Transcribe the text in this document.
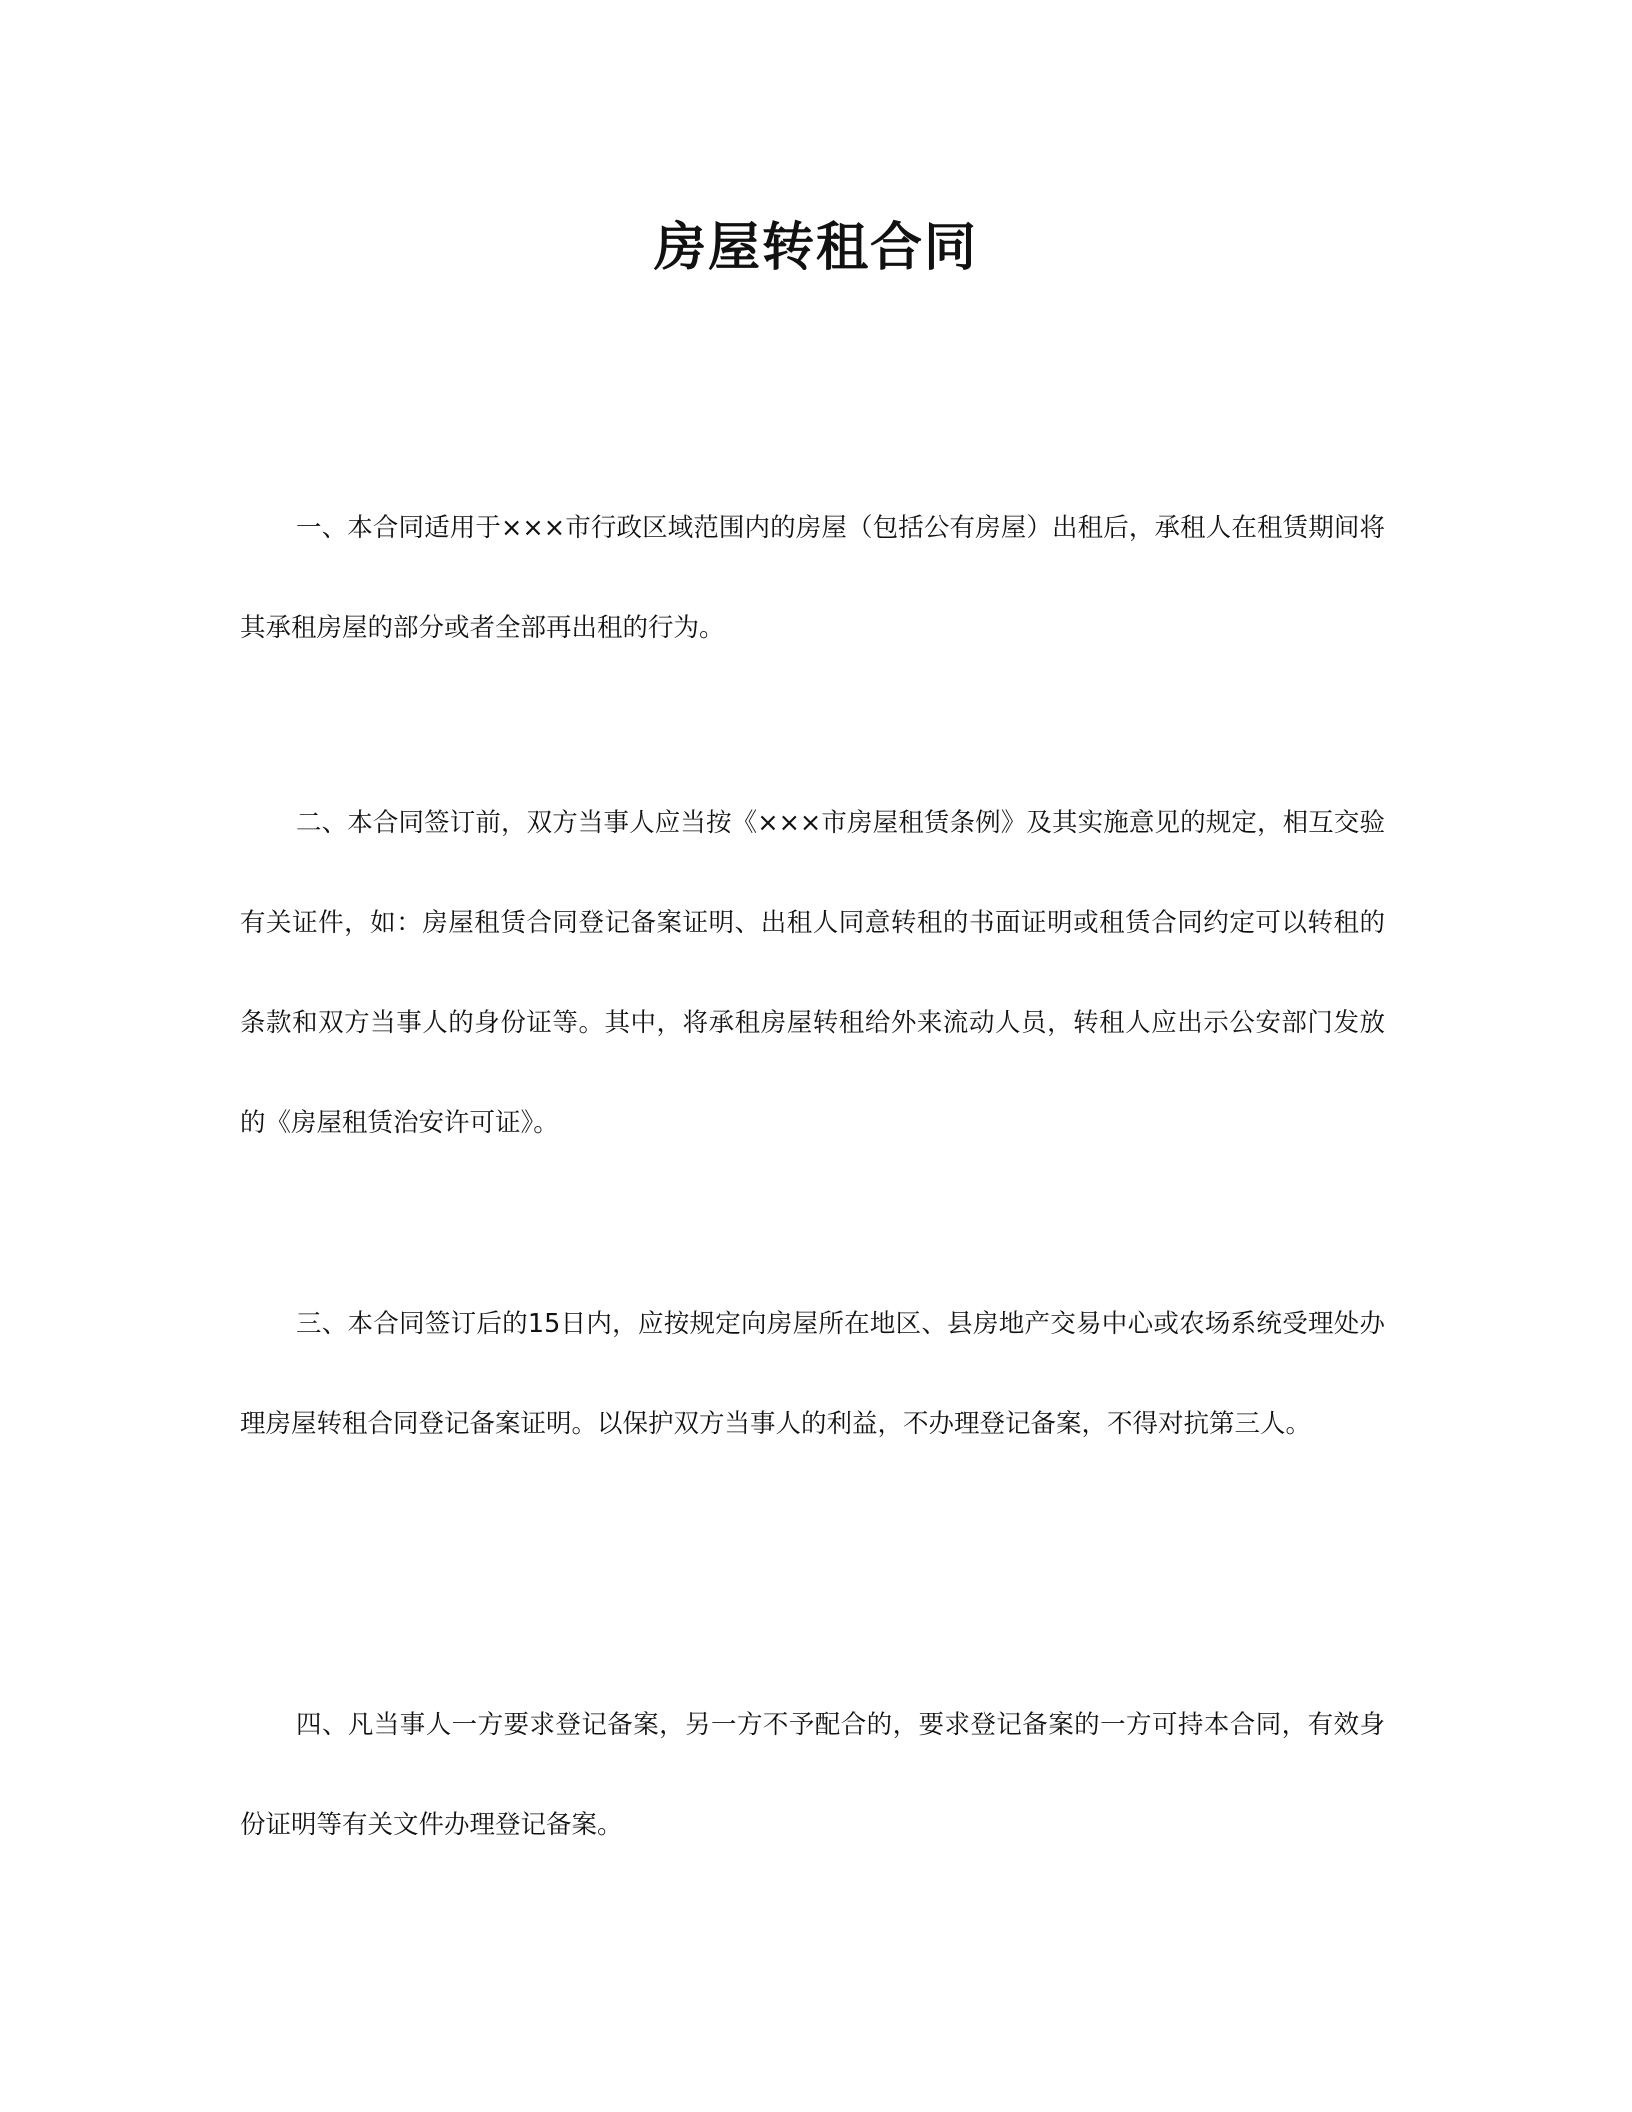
房屋转租合同

一、本合同适用于×××市行政区域范围内的房屋（包括公有房屋）出租后，承租人在租赁期间将其承租房屋的部分或者全部再出租的行为。

二、本合同签订前，双方当事人应当按《×××市房屋租赁条例》及其实施意见的规定，相互交验有关证件，如：房屋租赁合同登记备案证明、出租人同意转租的书面证明或租赁合同约定可以转租的条款和双方当事人的身份证等。其中，将承租房屋转租给外来流动人员，转租人应出示公安部门发放的《房屋租赁治安许可证》。

三、本合同签订后的15日内，应按规定向房屋所在地区、县房地产交易中心或农场系统受理处办理房屋转租合同登记备案证明。以保护双方当事人的利益，不办理登记备案，不得对抗第三人。

四、凡当事人一方要求登记备案，另一方不予配合的，要求登记备案的一方可持本合同，有效身份证明等有关文件办理登记备案。
